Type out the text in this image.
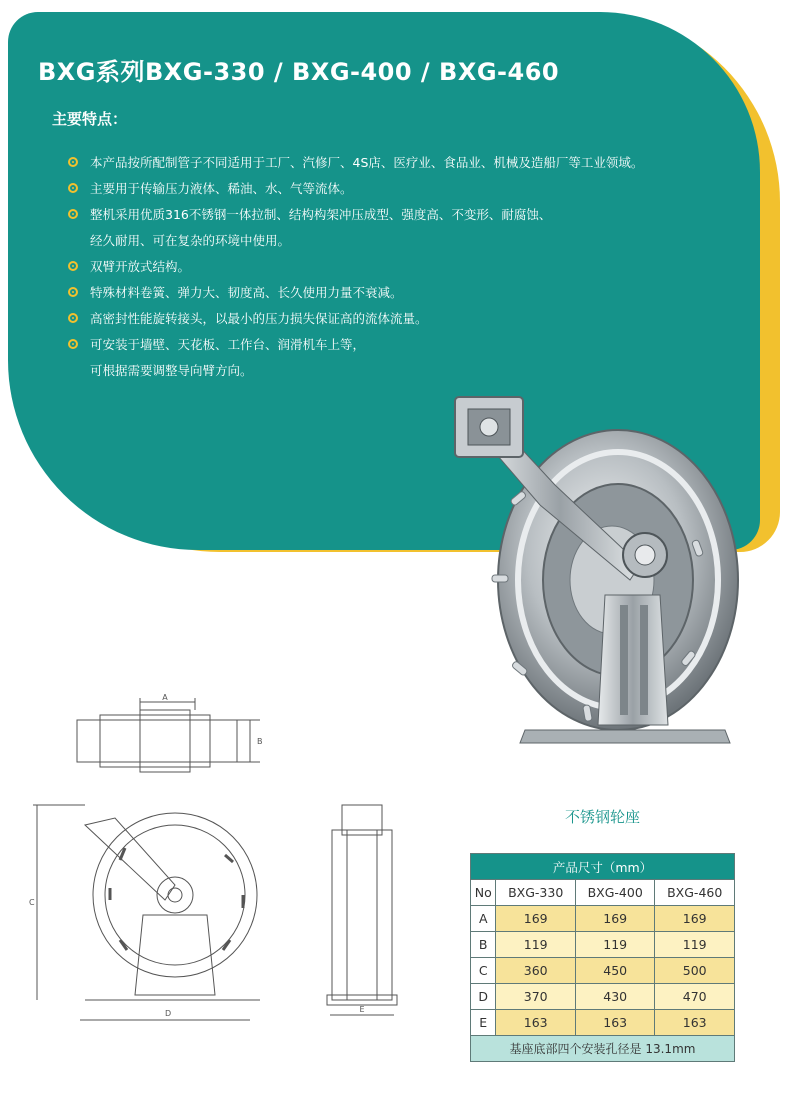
BXG系列BXG-330 / BXG-400 / BXG-460
主要特点：
本产品按所配制管子不同适用于工厂、汽修厂、4S店、医疗业、食品业、机械及造船厂等工业领域。
主要用于传输压力液体、稀油、水、气等流体。
整机采用优质316不锈钢一体拉制、结构构架冲压成型、强度高、不变形、耐腐蚀、
经久耐用、可在复杂的环境中使用。
双臂开放式结构。
特殊材料卷簧、弹力大、韧度高、长久使用力量不衰减。
高密封性能旋转接头，以最小的压力损失保证高的流体流量。
可安装于墙壁、天花板、工作台、润滑机车上等，
可根据需要调整导向臂方向。
A
B
C
D	E
不锈钢轮座
产品尺寸（mm）			
No	BXG-330	BXG-400	BXG-460
A	169	169	169
B	119	119	119
C	360	450	500
D	370	430	470
E	163	163	163
基座底部四个安装孔径是 13.1mm			
